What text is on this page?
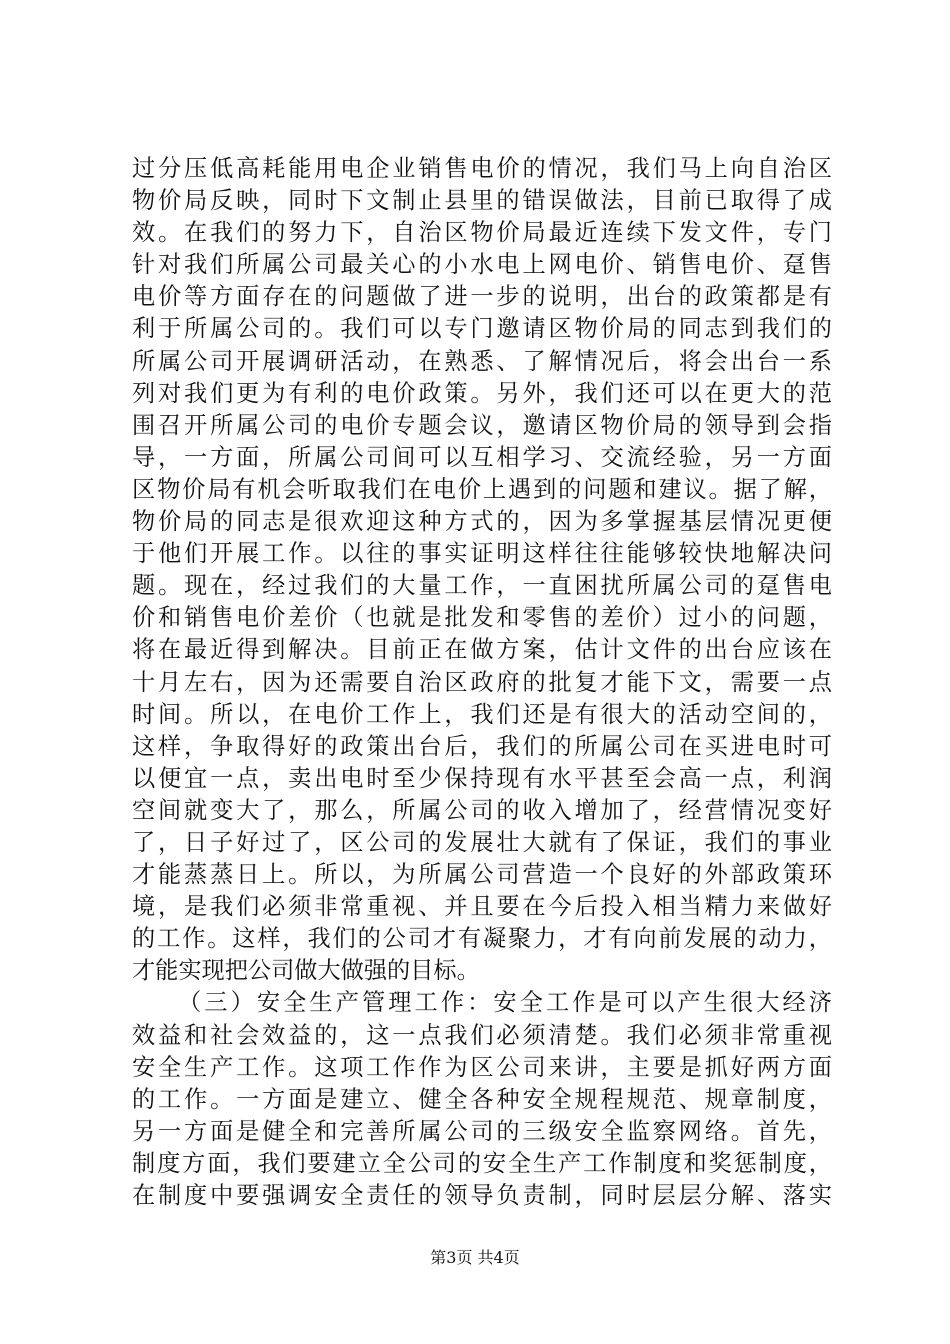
过分压低高耗能用电企业销售电价的情况，我们马上向自治区
物价局反映，同时下文制止县里的错误做法，目前已取得了成
效。在我们的努力下，自治区物价局最近连续下发文件，专门
针对我们所属公司最关心的小水电上网电价、销售电价、趸售
电价等方面存在的问题做了进一步的说明，出台的政策都是有
利于所属公司的。我们可以专门邀请区物价局的同志到我们的
所属公司开展调研活动，在熟悉、了解情况后，将会出台一系
列对我们更为有利的电价政策。另外，我们还可以在更大的范
围召开所属公司的电价专题会议，邀请区物价局的领导到会指
导，一方面，所属公司间可以互相学习、交流经验，另一方面
区物价局有机会听取我们在电价上遇到的问题和建议。据了解，
物价局的同志是很欢迎这种方式的，因为多掌握基层情况更便
于他们开展工作。以往的事实证明这样往往能够较快地解决问
题。现在，经过我们的大量工作，一直困扰所属公司的趸售电
价和销售电价差价（也就是批发和零售的差价）过小的问题，
将在最近得到解决。目前正在做方案，估计文件的出台应该在
十月左右，因为还需要自治区政府的批复才能下文，需要一点
时间。所以，在电价工作上，我们还是有很大的活动空间的，
这样，争取得好的政策出台后，我们的所属公司在买进电时可
以便宜一点，卖出电时至少保持现有水平甚至会高一点，利润
空间就变大了，那么，所属公司的收入增加了，经营情况变好
了，日子好过了，区公司的发展壮大就有了保证，我们的事业
才能蒸蒸日上。所以，为所属公司营造一个良好的外部政策环
境，是我们必须非常重视、并且要在今后投入相当精力来做好
的工作。这样，我们的公司才有凝聚力，才有向前发展的动力，
才能实现把公司做大做强的目标。
（三）安全生产管理工作：安全工作是可以产生很大经济
效益和社会效益的，这一点我们必须清楚。我们必须非常重视
安全生产工作。这项工作作为区公司来讲，主要是抓好两方面
的工作。一方面是建立、健全各种安全规程规范、规章制度，
另一方面是健全和完善所属公司的三级安全监察网络。首先，
制度方面，我们要建立全公司的安全生产工作制度和奖惩制度，
在制度中要强调安全责任的领导负责制，同时层层分解、落实
第3页 共4页
